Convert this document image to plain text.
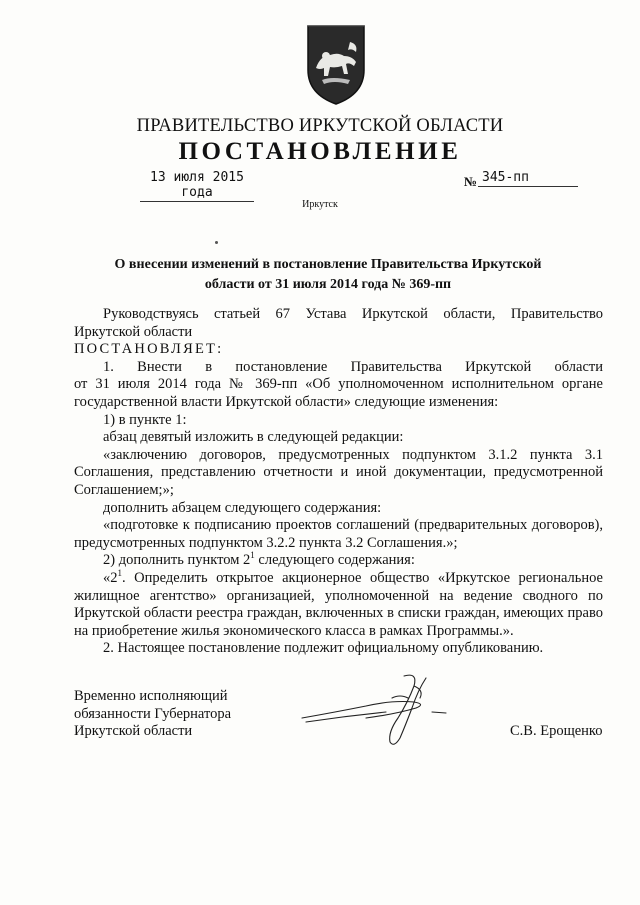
ПРАВИТЕЛЬСТВО ИРКУТСКОЙ ОБЛАСТИ
ПОСТАНОВЛЕНИЕ
13 июля 2015 года
№ 345-пп
Иркутск
О внесении изменений в постановление Правительства Иркутской
области от 31 июля 2014 года № 369-пп

Руководствуясь статьей 67 Устава Иркутской области, Правительство

Иркутской области

ПОСТАНОВЛЯЕТ:

1. Внести в постановление Правительства Иркутской области

от 31 июля 2014 года № 369-пп «Об уполномоченном исполнительном органе государственной власти Иркутской области» следующие изменения:

1) в пункте 1:

абзац девятый изложить в следующей редакции:

«заключению договоров, предусмотренных подпунктом 3.1.2 пункта 3.1 Соглашения, представлению отчетности и иной документации, предусмотренной Соглашением;»;

дополнить абзацем следующего содержания:

«подготовке к подписанию проектов соглашений (предварительных договоров), предусмотренных подпунктом 3.2.2 пункта 3.2 Соглашения.»;

2) дополнить пунктом $2^1$ следующего содержания:

«$2^1$. Определить открытое акционерное общество «Иркутское региональное жилищное агентство» организацией, уполномоченной на ведение сводного по Иркутской области реестра граждан, включенных в списки граждан, имеющих право на приобретение жилья экономического класса в рамках Программы.».

2. Настоящее постановление подлежит официальному опубликованию.

Временно исполняющий
обязанности Губернатора
Иркутской области	С.В. Ерощенко
